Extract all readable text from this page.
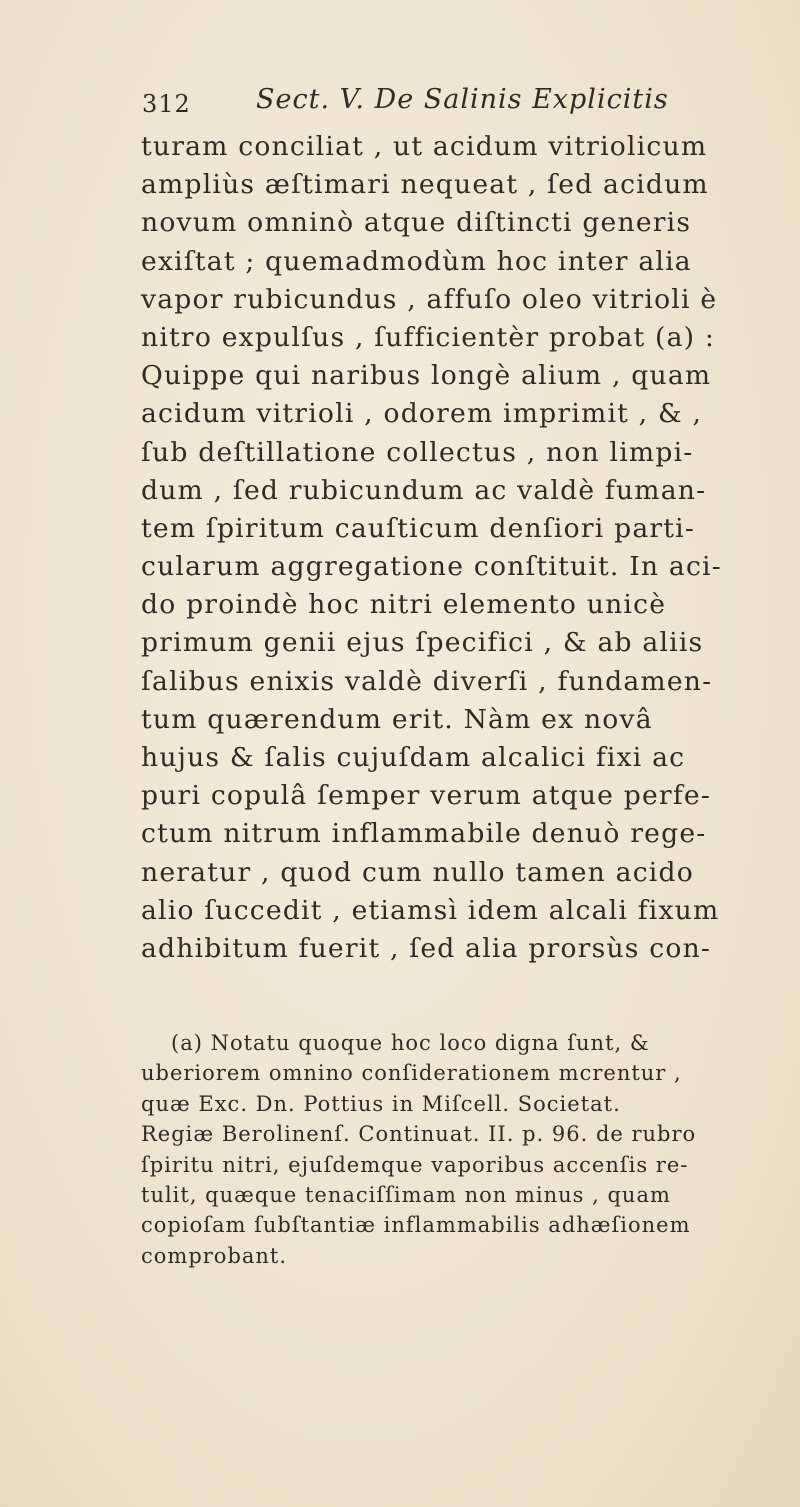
312 Sect. V. De Salinis Explicitis
turam conciliat , ut acidum vitriolicum
ampliùs æſtimari nequeat , ſed acidum
novum omninò atque diſtincti generis
exiſtat ; quemadmodùm hoc inter alia
vapor rubicundus , affuſo oleo vitrioli è
nitro expulſus , ſufficientèr probat (a) :
Quippe qui naribus longè alium , quam
acidum vitrioli , odorem imprimit , & ,
ſub deſtillatione collectus , non limpi-
dum , ſed rubicundum ac valdè fuman-
tem ſpiritum cauſticum denſiori parti-
cularum aggregatione conſtituit. In aci-
do proindè hoc nitri elemento unicè
primum genii ejus ſpecifici , & ab aliis
ſalibus enixis valdè diverſi , fundamen-
tum quærendum erit. Nàm ex novâ
hujus & ſalis cujuſdam alcalici fixi ac
puri copulâ ſemper verum atque perfe-
ctum nitrum inflammabile denuò rege-
neratur , quod cum nullo tamen acido
alio ſuccedit , etiamsì idem alcali fixum
adhibitum fuerit , ſed alia prorsùs con-
(a) Notatu quoque hoc loco digna ſunt, &
uberiorem omnino conſiderationem mcrentur ,
quæ Exc. Dn. Pottius in Miſcell. Societat.
Regiæ Berolinenſ. Continuat. II. p. 96. de rubro
ſpiritu nitri, ejuſdemque vaporibus accenſis re-
tulit, quæque tenaciſſimam non minus , quam
copioſam ſubſtantiæ inflammabilis adhæſionem
comprobant.
